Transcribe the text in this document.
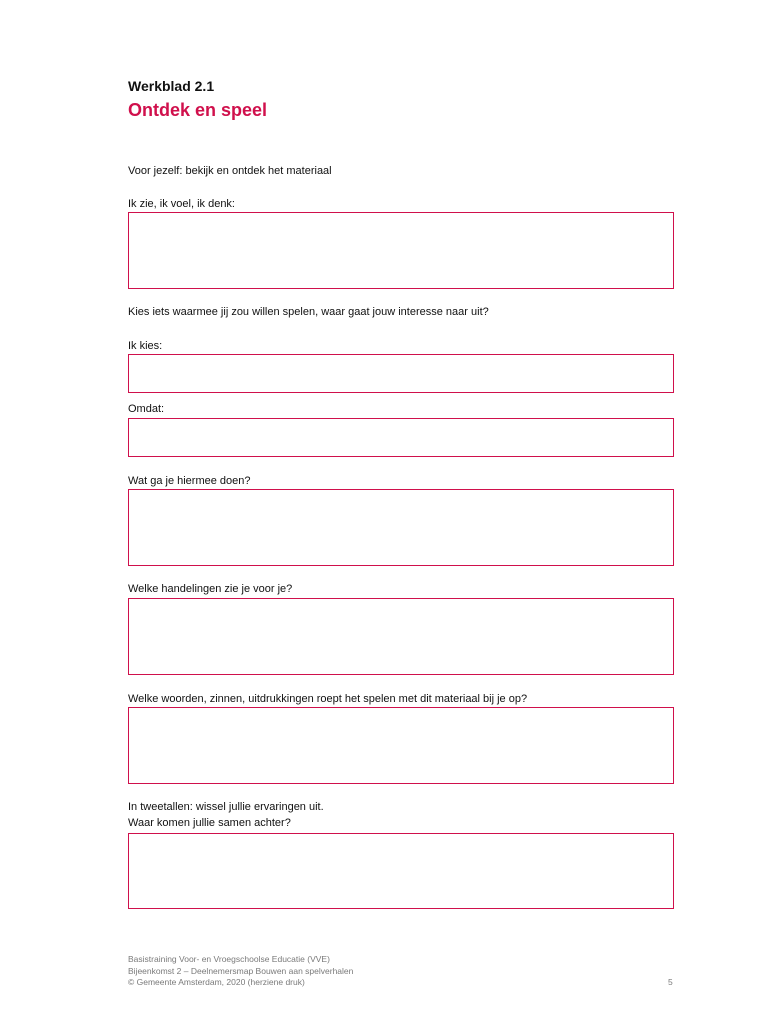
Werkblad 2.1
Ontdek en speel
Voor jezelf: bekijk en ontdek het materiaal
Ik zie, ik voel, ik denk:
Kies iets waarmee jij zou willen spelen, waar gaat jouw interesse naar uit?
Ik kies:
Omdat:
Wat ga je hiermee doen?
Welke handelingen zie je voor je?
Welke woorden, zinnen, uitdrukkingen roept het spelen met dit materiaal bij je op?
In tweetallen: wissel jullie ervaringen uit.
Waar komen jullie samen achter?
Basistraining Voor- en Vroegschoolse Educatie (VVE)
Bijeenkomst 2 – Deelnemersmap Bouwen aan spelverhalen
© Gemeente Amsterdam, 2020 (herziene druk)	5
